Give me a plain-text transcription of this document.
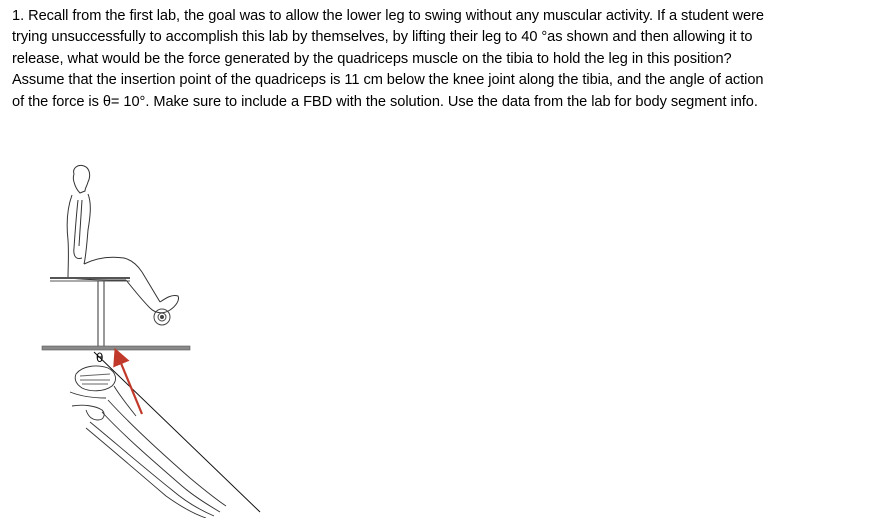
1. Recall from the first lab, the goal was to allow the lower leg to swing without any muscular activity. If a student were
trying unsuccessfully to accomplish this lab by themselves, by lifting their leg to 40 °as shown and then allowing it to
release, what would be the force generated by the quadriceps muscle on the tibia to hold the leg in this position?
Assume that the insertion point of the quadriceps is 11 cm below the knee joint along the tibia, and the angle of action
of the force is θ= 10°. Make sure to include a FBD with the solution. Use the data from the lab for body segment info.

θ
